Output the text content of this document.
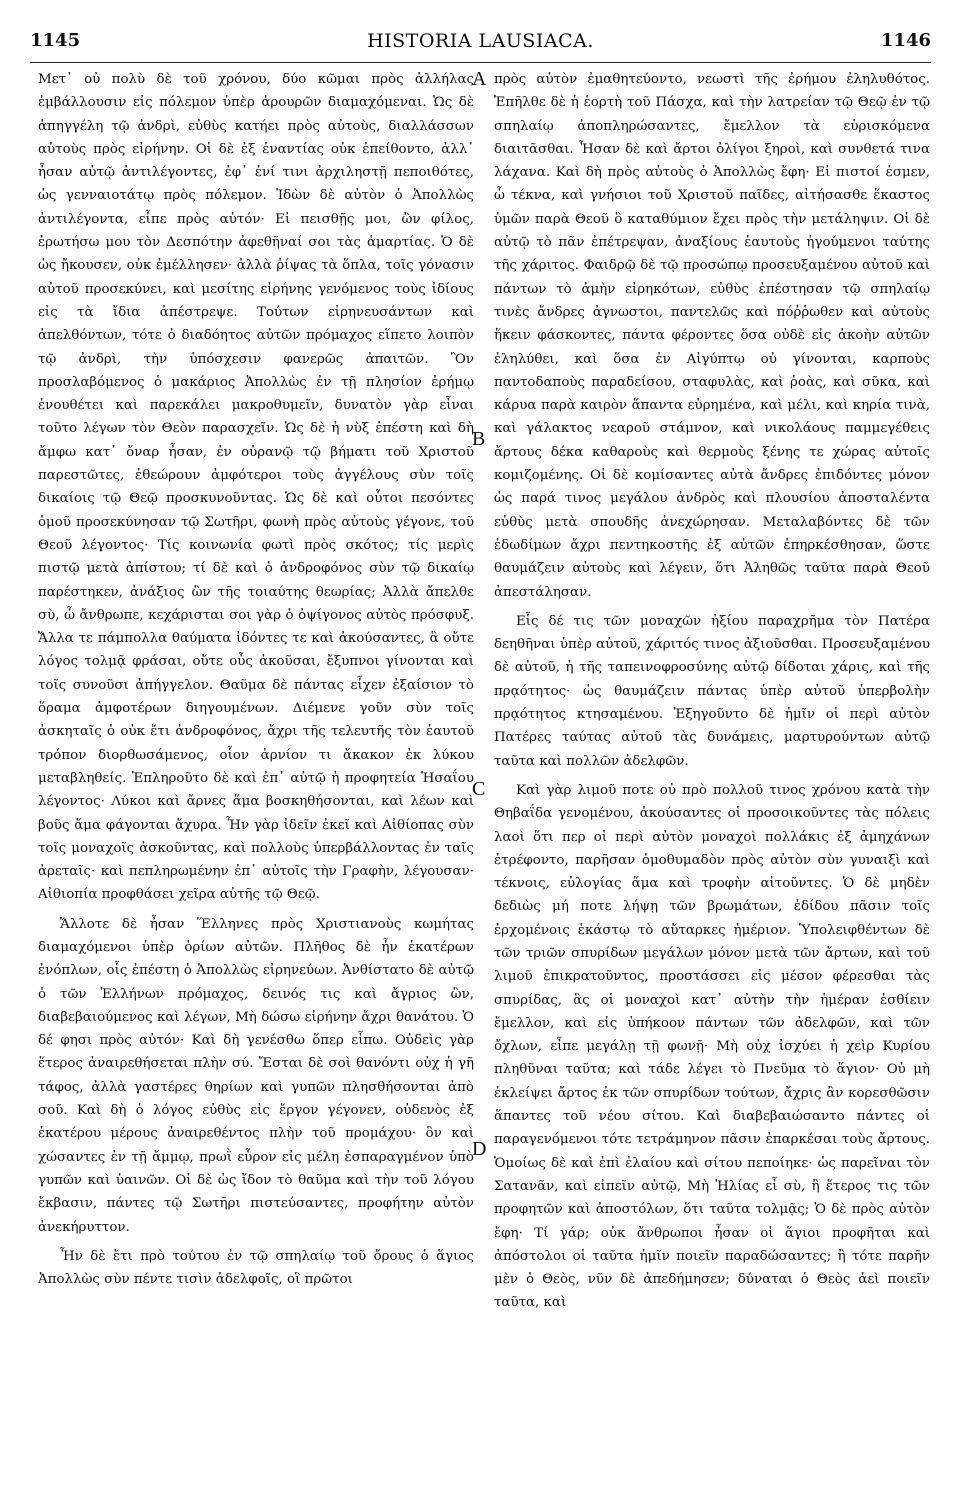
1145	HISTORIA LAUSIACA.	1146

Μετ᾿ οὐ πολὺ δὲ τοῦ χρόνου, δύο κῶμαι πρὸς ἀλλήλας ἐμβάλλουσιν εἰς πόλεμον ὑπὲρ ἀρουρῶν διαμαχόμεναι. Ὡς δὲ ἀπηγγέλη τῷ ἀνδρὶ, εὐθὺς κατήει πρὸς αὐτοὺς, διαλλάσσων αὐτοὺς πρὸς εἰρήνην. Οἱ δὲ ἐξ ἐναντίας οὐκ ἐπείθοντο, ἀλλ᾿ ἦσαν αὐτῷ ἀντιλέγοντες, ἐφ᾿ ἐνί τινι ἀρχιληστῇ πεποιθότες, ὡς γενναιοτάτῳ πρὸς πόλεμον. Ἰδὼν δὲ αὐτὸν ὁ Ἀπολλὼς ἀντιλέγοντα, εἶπε πρὸς αὐτόν· Εἰ πεισθῇς μοι, ὢν φίλος, ἐρωτήσω μου τὸν Δεσπότην ἀφεθῆναί σοι τὰς ἁμαρτίας. Ὁ δὲ ὡς ἤκουσεν, οὐκ ἐμέλλησεν· ἀλλὰ ῥίψας τὰ ὅπλα, τοῖς γόνασιν αὐτοῦ προσεκύνει, καὶ μεσίτης εἰρήνης γενόμενος τοὺς ἰδίους εἰς τὰ ἴδια ἀπέστρεψε. Τούτων εἰρηνευσάντων καὶ ἀπελθόντων, τότε ὁ διαδόητος αὐτῶν πρόμαχος εἵπετο λοιπὸν τῷ ἀνδρὶ, τὴν ὑπόσχεσιν φανερῶς ἀπαιτῶν. Ὃν προσλαβόμενος ὁ μακάριος Ἀπολλὼς ἐν τῇ πλησίον ἐρήμῳ ἐνουθέτει καὶ παρεκάλει μακροθυμεῖν, δυνατὸν γὰρ εἶναι τοῦτο λέγων τὸν Θεὸν παρασχεῖν. Ὡς δὲ ἡ νὺξ ἐπέστη καὶ δὴ ἄμφω κατ᾿ ὄναρ ἦσαν, ἐν οὐρανῷ τῷ βήματι τοῦ Χριστοῦ παρεστῶτες, ἐθεώρουν ἀμφότεροι τοὺς ἀγγέλους σὺν τοῖς δικαίοις τῷ Θεῷ προσκυνοῦντας. Ὡς δὲ καὶ οὗτοι πεσόντες ὁμοῦ προσεκύνησαν τῷ Σωτῆρι, φωνὴ πρὸς αὐτοὺς γέγονε, τοῦ Θεοῦ λέγοντος· Τίς κοινωνία φωτὶ πρὸς σκότος; τίς μερὶς πιστῷ μετὰ ἀπίστου; τί δὲ καὶ ὁ ἀνδροφόνος σὺν τῷ δικαίῳ παρέστηκεν, ἀνάξιος ὢν τῆς τοιαύτης θεωρίας; Ἀλλὰ ἄπελθε σὺ, ὦ ἄνθρωπε, κεχάρισται σοι γὰρ ὁ ὀψίγονος αὐτὸς πρόσφυξ. Ἄλλα τε πάμπολλα θαύματα ἰδόντες τε καὶ ἀκούσαντες, ἃ οὔτε λόγος τολμᾷ φράσαι, οὔτε οὖς ἀκοῦσαι, ἔξυπνοι γίνονται καὶ τοῖς συνοῦσι ἀπήγγελον. Θαῦμα δὲ πάντας εἶχεν ἐξαίσιον τὸ ὅραμα ἀμφοτέρων διηγουμένων. Διέμενε γοῦν σὺν τοῖς ἀσκηταῖς ὁ οὐκ ἔτι ἀνδροφόνος, ἄχρι τῆς τελευτῆς τὸν ἑαυτοῦ τρόπον διορθωσάμενος, οἷον ἀρνίον τι ἄκακον ἐκ λύκου μεταβληθείς. Ἐπληροῦτο δὲ καὶ ἐπ᾿ αὐτῷ ἡ προφητεία Ἡσαΐου λέγοντος· Λύκοι καὶ ἄρνες ἅμα βοσκηθήσονται, καὶ λέων καὶ βοῦς ἅμα φάγονται ἄχυρα. Ἦν γὰρ ἰδεῖν ἐκεῖ καὶ Αἰθίοπας σὺν τοῖς μοναχοῖς ἀσκοῦντας, καὶ πολλοὺς ὑπερβάλλοντας ἐν ταῖς ἀρεταῖς· καὶ πεπληρωμένην ἐπ᾿ αὐτοῖς τὴν Γραφὴν, λέγουσαν· Αἰθιοπία προφθάσει χεῖρα αὐτῆς τῷ Θεῷ.

Ἄλλοτε δὲ ἦσαν Ἕλληνες πρὸς Χριστιανοὺς κωμήτας διαμαχόμενοι ὑπὲρ ὁρίων αὐτῶν. Πλῆθος δὲ ἦν ἑκατέρων ἐνόπλων, οἷς ἐπέστη ὁ Ἀπολλὼς εἰρηνεύων. Ἀνθίστατο δὲ αὐτῷ ὁ τῶν Ἑλλήνων πρόμαχος, δεινός τις καὶ ἄγριος ὢν, διαβεβαιούμενος καὶ λέγων, Μὴ δώσω εἰρήνην ἄχρι θανάτου. Ὁ δέ φησι πρὸς αὐτόν· Καὶ δὴ γενέσθω ὅπερ εἶπω. Οὐδεὶς γὰρ ἕτερος ἀναιρεθήσεται πλὴν σύ. Ἔσται δὲ σοὶ θανόντι οὐχ ἡ γῆ τάφος, ἀλλὰ γαστέρες θηρίων καὶ γυπῶν πλησθήσονται ἀπὸ σοῦ. Καὶ δὴ ὁ λόγος εὐθὺς εἰς ἔργον γέγονεν, οὐδενὸς ἐξ ἑκατέρου μέρους ἀναιρεθέντος πλὴν τοῦ προμάχου· ὃν καὶ χώσαντες ἐν τῇ ἄμμῳ, πρωῒ εὗρον εἰς μέλη ἐσπαραγμένον ὑπὸ γυπῶν καὶ ὑαινῶν. Οἱ δὲ ὡς ἴδον τὸ θαῦμα καὶ τὴν τοῦ λόγου ἔκβασιν, πάντες τῷ Σωτῆρι πιστεύσαντες, προφήτην αὐτὸν ἀνεκήρυττον.

Ἦν δὲ ἔτι πρὸ τούτου ἐν τῷ σπηλαίῳ τοῦ ὄρους ὁ ἅγιος Ἀπολλὼς σὺν πέντε τισὶν ἀδελφοῖς, οἳ πρῶτοι

πρὸς αὐτὸν ἐμαθητεύοντο, νεωστὶ τῆς ἐρήμου ἐληλυθότος. Ἐπῆλθε δὲ ἡ ἑορτὴ τοῦ Πάσχα, καὶ τὴν λατρείαν τῷ Θεῷ ἐν τῷ σπηλαίῳ ἀποπληρώσαντες, ἔμελλον τὰ εὑρισκόμενα διαιτᾶσθαι. Ἦσαν δὲ καὶ ἄρτοι ὀλίγοι ξηροὶ, καὶ συνθετά τινα λάχανα. Καὶ δὴ πρὸς αὐτοὺς ὁ Ἀπολλὼς ἔφη· Εἰ πιστοί ἐσμεν, ὦ τέκνα, καὶ γνήσιοι τοῦ Χριστοῦ παῖδες, αἰτήσασθε ἕκαστος ὑμῶν παρὰ Θεοῦ ὃ καταθύμιον ἔχει πρὸς τὴν μετάληψιν. Οἱ δὲ αὐτῷ τὸ πᾶν ἐπέτρεψαν, ἀναξίους ἑαυτοὺς ἡγούμενοι ταύτης τῆς χάριτος. Φαιδρῷ δὲ τῷ προσώπῳ προσευξαμένου αὐτοῦ καὶ πάντων τὸ ἀμὴν εἰρηκότων, εὐθὺς ἐπέστησαν τῷ σπηλαίῳ τινὲς ἄνδρες ἀγνωστοι, παντελῶς καὶ πόῤῥωθεν καὶ αὐτοὺς ἥκειν φάσκοντες, πάντα φέροντες ὅσα οὐδὲ εἰς ἀκοὴν αὐτῶν ἐληλύθει, καὶ ὅσα ἐν Αἰγύπτῳ οὐ γίνονται, καρποὺς παντοδαποὺς παραδείσου, σταφυλὰς, καὶ ῥοὰς, καὶ σῦκα, καὶ κάρυα παρὰ καιρὸν ἅπαντα εὑρημένα, καὶ μέλι, καὶ κηρία τινὰ, καὶ γάλακτος νεαροῦ στάμνον, καὶ νικολάους παμμεγέθεις ἄρτους δέκα καθαροὺς καὶ θερμοὺς ξένης τε χώρας αὐτοῖς κομιζομένης. Οἱ δὲ κομίσαντες αὐτὰ ἄνδρες ἐπιδόντες μόνον ὡς παρά τινος μεγάλου ἀνδρὸς καὶ πλουσίου ἀποσταλέντα εὐθὺς μετὰ σπουδῆς ἀνεχώρησαν. Μεταλαβόντες δὲ τῶν ἐδωδίμων ἄχρι πεντηκοστῆς ἐξ αὐτῶν ἐπηρκέσθησαν, ὥστε θαυμάζειν αὐτοὺς καὶ λέγειν, ὅτι Ἀληθῶς ταῦτα παρὰ Θεοῦ ἀπεστάλησαν.

Εἷς δέ τις τῶν μοναχῶν ἠξίου παραχρῆμα τὸν Πατέρα δεηθῆναι ὑπὲρ αὐτοῦ, χάριτός τινος ἀξιοῦσθαι. Προσευξαμένου δὲ αὐτοῦ, ἡ τῆς ταπεινοφροσύνης αὐτῷ δίδοται χάρις, καὶ τῆς πρᾳότητος· ὡς θαυμάζειν πάντας ὑπὲρ αὐτοῦ ὑπερβολὴν πρᾳότητος κτησαμένου. Ἐξηγοῦντο δὲ ἡμῖν οἱ περὶ αὐτὸν Πατέρες ταύτας αὐτοῦ τὰς δυνάμεις, μαρτυρούντων αὐτῷ ταῦτα καὶ πολλῶν ἀδελφῶν.

Καὶ γὰρ λιμοῦ ποτε οὐ πρὸ πολλοῦ τινος χρόνου κατὰ τὴν Θηβαΐδα γενομένου, ἀκούσαντες οἱ προσοικοῦντες τὰς πόλεις λαοὶ ὅτι περ οἱ περὶ αὐτὸν μοναχοὶ πολλάκις ἐξ ἀμηχάνων ἐτρέφοντο, παρῆσαν ὁμοθυμαδὸν πρὸς αὐτὸν σὺν γυναιξὶ καὶ τέκνοις, εὐλογίας ἅμα καὶ τροφὴν αἰτοῦντες. Ὁ δὲ μηδὲν δεδιὼς μή ποτε λήψῃ τῶν βρωμάτων, ἐδίδου πᾶσιν τοῖς ἐρχομένοις ἑκάστῳ τὸ αὔταρκες ἡμέριον. Ὑπολειφθέντων δὲ τῶν τριῶν σπυρίδων μεγάλων μόνον μετὰ τῶν ἄρτων, καὶ τοῦ λιμοῦ ἐπικρατοῦντος, προστάσσει εἰς μέσον φέρεσθαι τὰς σπυρίδας, ἃς οἱ μοναχοὶ κατ᾿ αὐτὴν τὴν ἡμέραν ἐσθίειν ἔμελλον, καὶ εἰς ὑπήκοον πάντων τῶν ἀδελφῶν, καὶ τῶν ὄχλων, εἶπε μεγάλῃ τῇ φωνῇ· Μὴ οὐχ ἰσχύει ἡ χεὶρ Κυρίου πληθῦναι ταῦτα; καὶ τάδε λέγει τὸ Πνεῦμα τὸ ἅγιον· Οὐ μὴ ἐκλείψει ἄρτος ἐκ τῶν σπυρίδων τούτων, ἄχρις ἂν κορεσθῶσιν ἅπαντες τοῦ νέου σίτου. Καὶ διαβεβαιώσαντο πάντες οἱ παραγενόμενοι τότε τετράμηνον πᾶσιν ἐπαρκέσαι τοὺς ἄρτους. Ὁμοίως δὲ καὶ ἐπὶ ἐλαίου καὶ σίτου πεποίηκε· ὡς παρεῖναι τὸν Σατανᾶν, καὶ εἰπεῖν αὐτῷ, Μὴ Ἠλίας εἶ σὺ, ἢ ἕτερος τις τῶν προφητῶν καὶ ἀποστόλων, ὅτι ταῦτα τολμᾷς; Ὁ δὲ πρὸς αὐτὸν ἔφη· Τί γάρ; οὐκ ἄνθρωποι ἦσαν οἱ ἅγιοι προφῆται καὶ ἀπόστολοι οἱ ταῦτα ἡμῖν ποιεῖν παραδώσαντες; ἢ τότε παρῆν μὲν ὁ Θεὸς, νῦν δὲ ἀπεδήμησεν; δύναται ὁ Θεὸς ἀεὶ ποιεῖν ταῦτα, καὶ

A
B
C
D
